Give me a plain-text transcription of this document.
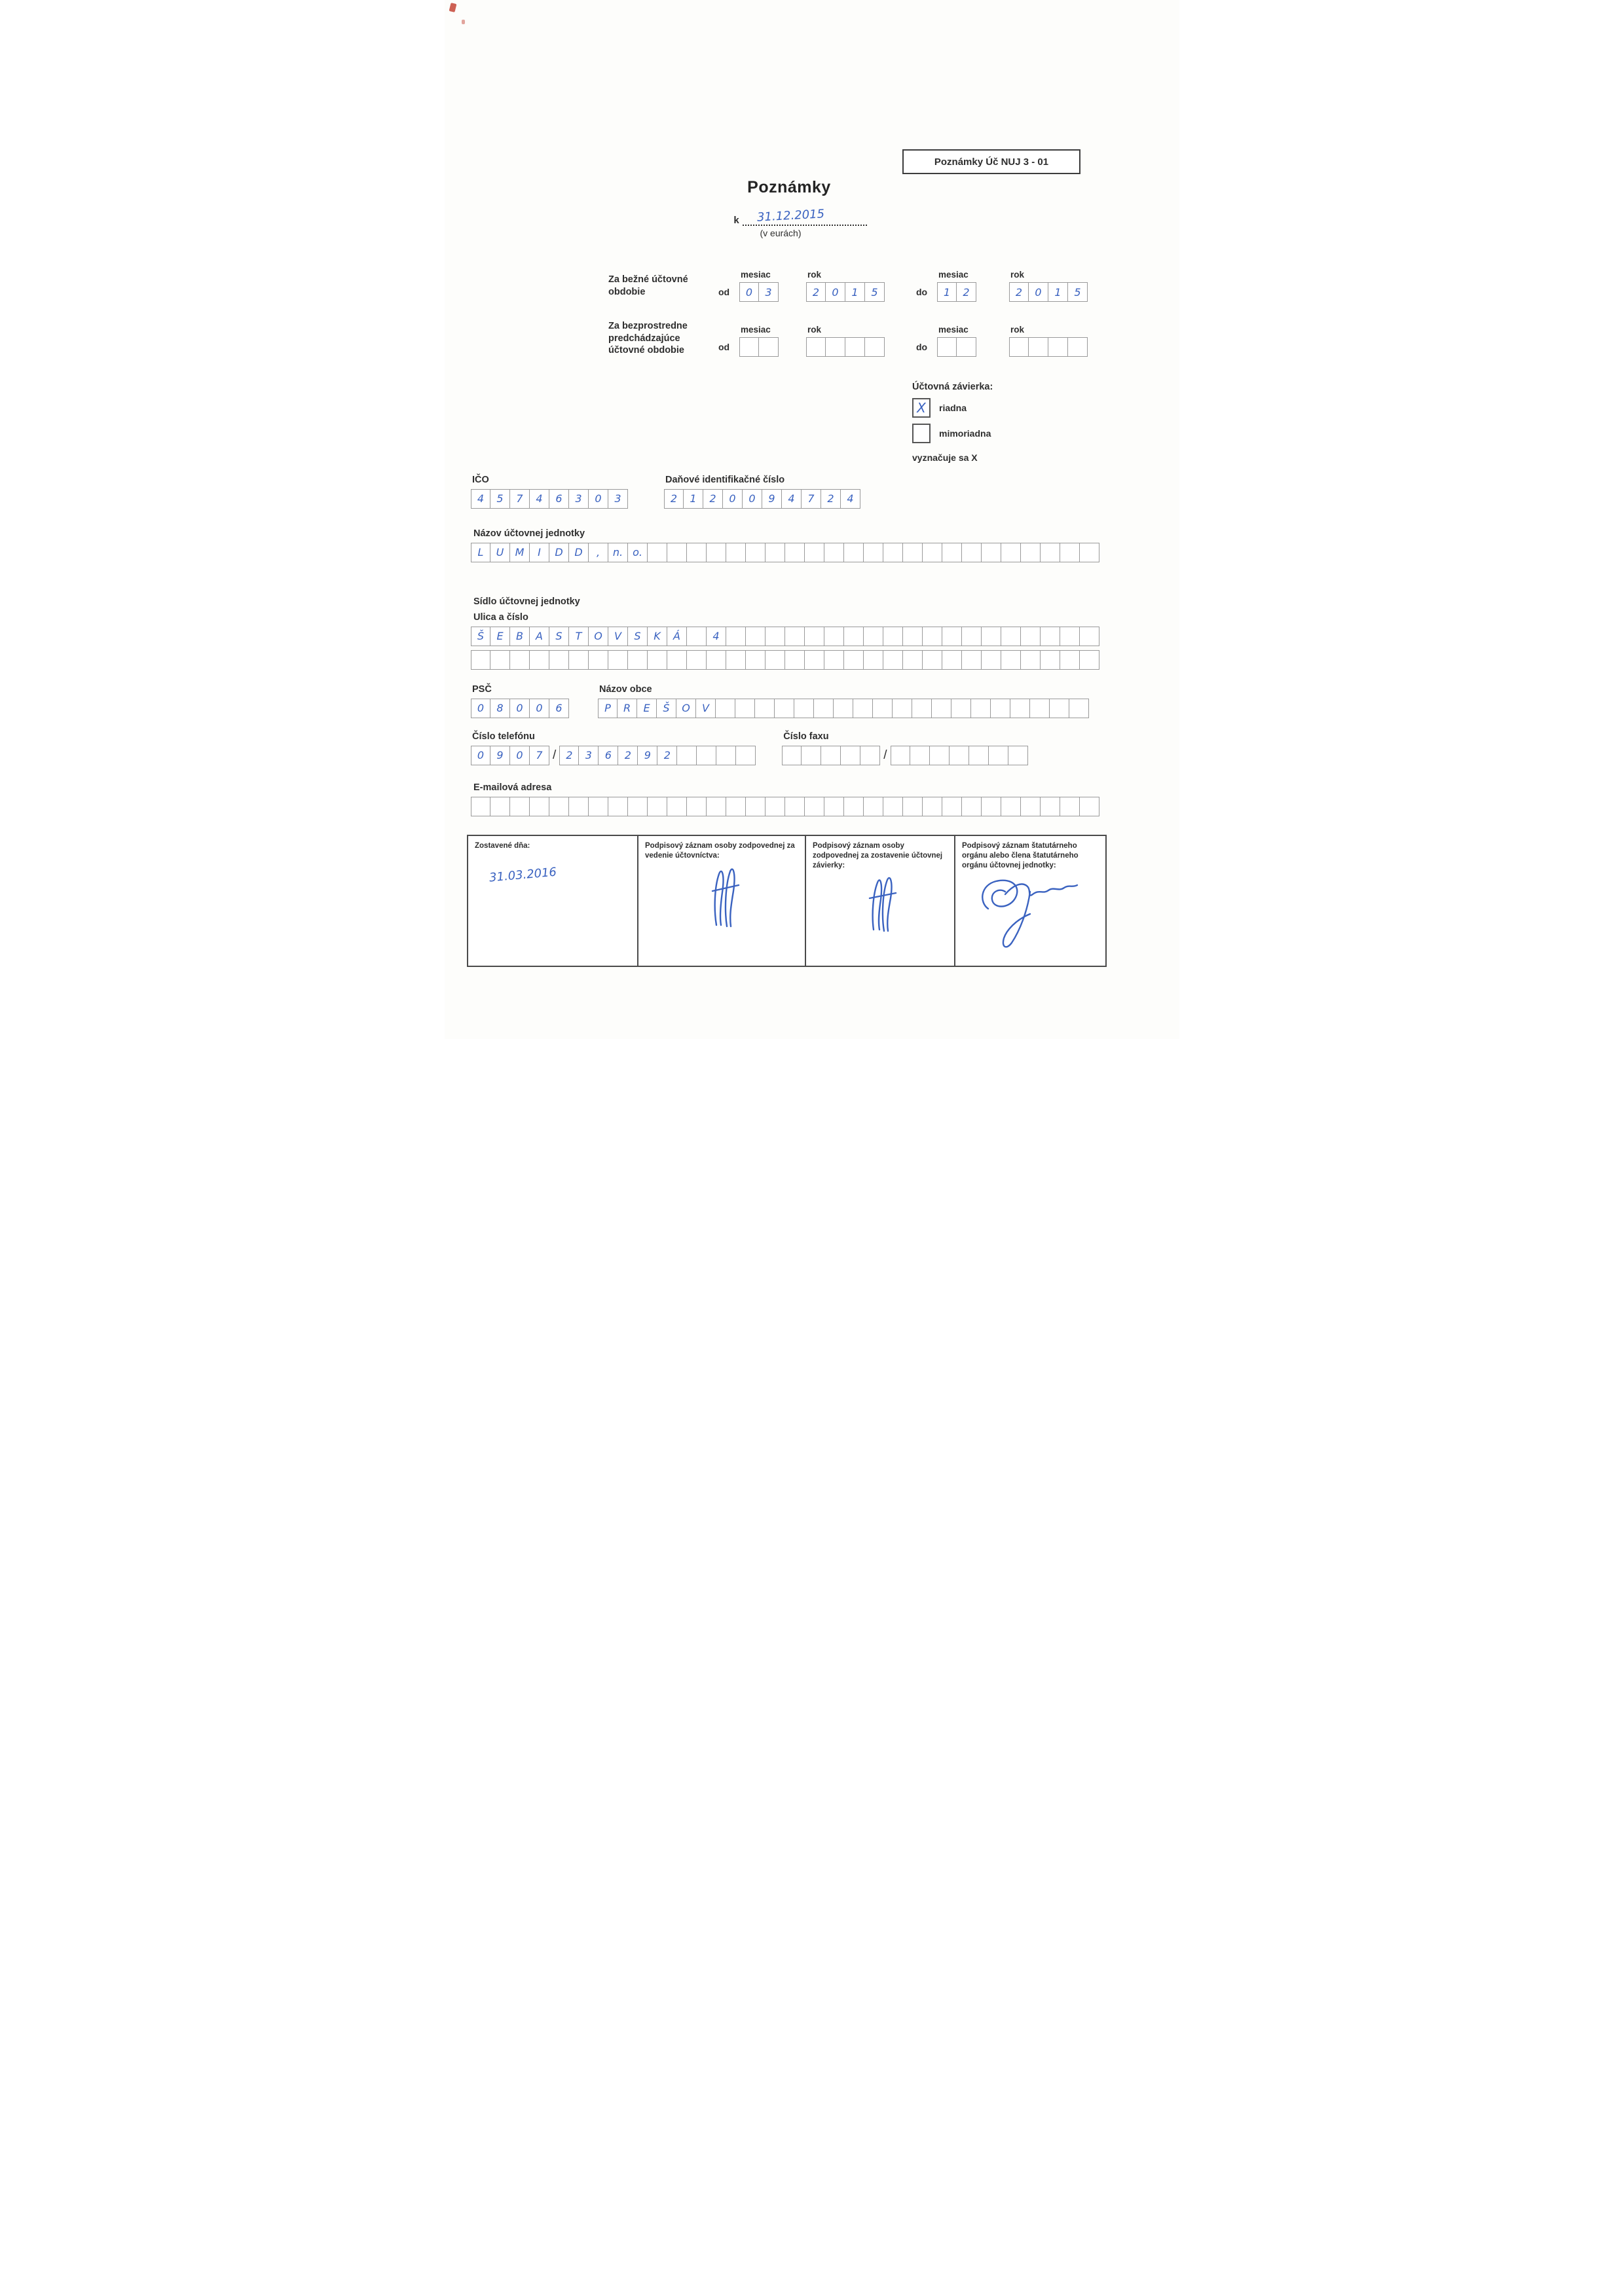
Poznámky Úč NUJ 3 - 01
Poznámky
k 31.12.2015
(v eurách)
Za bežné účtovné obdobie	od
mesiac
0	3
rok
2	0	1	5	do
mesiac
1	2
rok
2	0	1	5
Za bezprostredne predchádzajúce účtovné obdobie	od
mesiac	rok
do
mesiac	rok
Účtovná závierka:
X riadna
mimoriadna
vyznačuje sa X
IČO
4	5	7	4	6	3	0	3
Daňové identifikačné číslo
2	1	2	0	0	9	4	7	2	4
Názov účtovnej jednotky
L	U	M	I	D	D	,	n. o.
Sídlo účtovnej jednotky
Ulica a číslo
Š	E	B	A	S	T	O	V	S	K	Á	4
PSČ
0	8	0	0	6
Názov obce
P	R	E	Š	O	V
Číslo telefónu
0	9	0	7 / 2	3	6	2	9	2
Číslo faxu
/
E-mailová adresa
Zostavené dňa:
31.03.2016
Podpisový záznam osoby zodpovednej za vedenie účtovníctva:
Podpisový záznam osoby zodpovednej za zostavenie účtovnej závierky:
Podpisový záznam štatutárneho orgánu alebo člena štatutárneho orgánu účtovnej jednotky:
